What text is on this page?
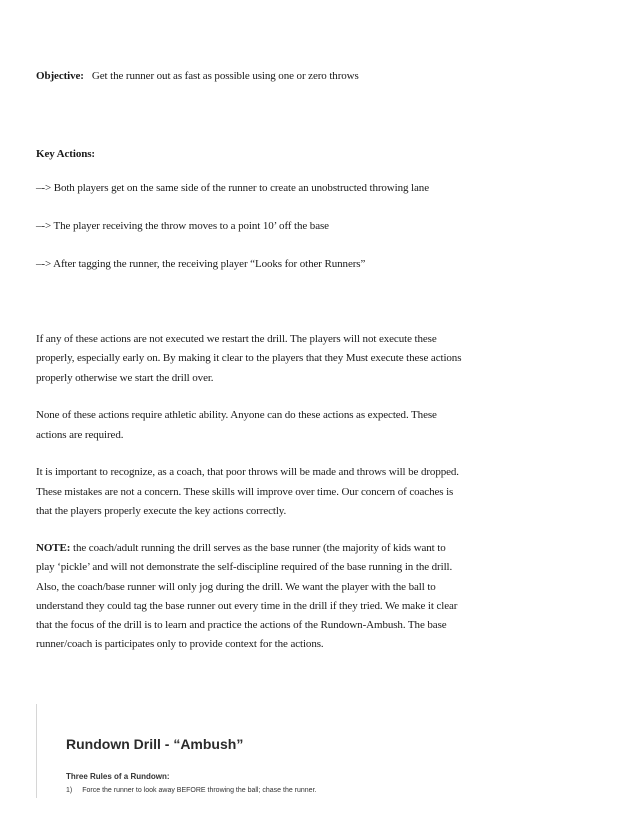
Objective: Get the runner out as fast as possible using one or zero throws
Key Actions:
–-> Both players get on the same side of the runner to create an unobstructed throwing lane
–-> The player receiving the throw moves to a point 10’ off the base
–-> After tagging the runner, the receiving player “Looks for other Runners”
If any of these actions are not executed we restart the drill. The players will not execute these
properly, especially early on. By making it clear to the players that they Must execute these actions
properly otherwise we start the drill over.
None of these actions require athletic ability. Anyone can do these actions as expected. These
actions are required.
It is important to recognize, as a coach, that poor throws will be made and throws will be dropped.
These mistakes are not a concern. These skills will improve over time. Our concern of coaches is
that the players properly execute the key actions correctly.
NOTE: the coach/adult running the drill serves as the base runner (the majority of kids want to
play ‘pickle’ and will not demonstrate the self-discipline required of the base running in the drill.
Also, the coach/base runner will only jog during the drill. We want the player with the ball to
understand they could tag the base runner out every time in the drill if they tried. We make it clear
that the focus of the drill is to learn and practice the actions of the Rundown-Ambush. The base
runner/coach is participates only to provide context for the actions.
Rundown Drill - “Ambush”
Three Rules of a Rundown:
1) Force the runner to look away BEFORE throwing the ball; chase the runner.
